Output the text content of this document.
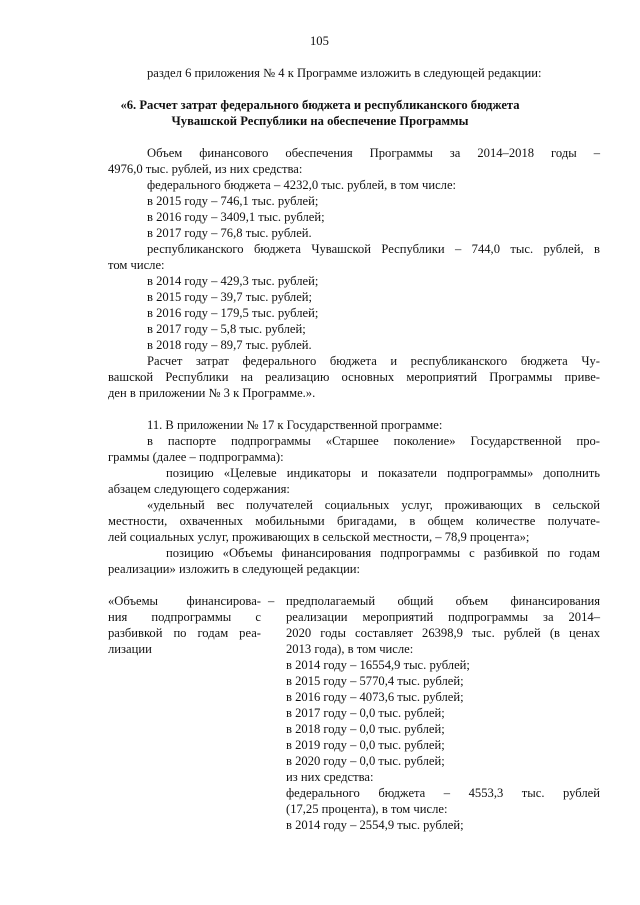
105
раздел 6 приложения № 4 к Программе изложить в следующей редакции:
«6. Расчет затрат федерального бюджета и республиканского бюджета
Чувашской Республики на обеспечение Программы
Объем финансового обеспечения Программы за 2014–2018 годы –
4976,0 тыс. рублей, из них средства:
федерального бюджета – 4232,0 тыс. рублей, в том числе:
в 2015 году – 746,1 тыс. рублей;
в 2016 году – 3409,1 тыс. рублей;
в 2017 году – 76,8 тыс. рублей.
республиканского бюджета Чувашской Республики – 744,0 тыс. рублей, в
том числе:
в 2014 году – 429,3 тыс. рублей;
в 2015 году – 39,7 тыс. рублей;
в 2016 году – 179,5 тыс. рублей;
в 2017 году – 5,8 тыс. рублей;
в 2018 году – 89,7 тыс. рублей.
Расчет затрат федерального бюджета и республиканского бюджета Чу-
вашской Республики на реализацию основных мероприятий Программы приве-
ден в приложении № 3 к Программе.».
11. В приложении № 17 к Государственной программе:
в паспорте подпрограммы «Старшее поколение» Государственной про-
граммы (далее – подпрограмма):
позицию «Целевые индикаторы и показатели подпрограммы» дополнить
абзацем следующего содержания:
«удельный вес получателей социальных услуг, проживающих в сельской
местности, охваченных мобильными бригадами, в общем количестве получате-
лей социальных услуг, проживающих в сельской местности, – 78,9 процента»;
позицию «Объемы финансирования подпрограммы с разбивкой по годам
реализации» изложить в следующей редакции:
«Объемы финансирова-
ния подпрограммы с
разбивкой по годам реа-
лизации
– предполагаемый общий объем финансирования
реализации мероприятий подпрограммы за 2014–
2020 годы составляет 26398,9 тыс. рублей (в ценах
2013 года), в том числе:
в 2014 году – 16554,9 тыс. рублей;
в 2015 году – 5770,4 тыс. рублей;
в 2016 году – 4073,6 тыс. рублей;
в 2017 году – 0,0 тыс. рублей;
в 2018 году – 0,0 тыс. рублей;
в 2019 году – 0,0 тыс. рублей;
в 2020 году – 0,0 тыс. рублей;
из них средства:
федерального бюджета – 4553,3 тыс. рублей
(17,25 процента), в том числе:
в 2014 году – 2554,9 тыс. рублей;
